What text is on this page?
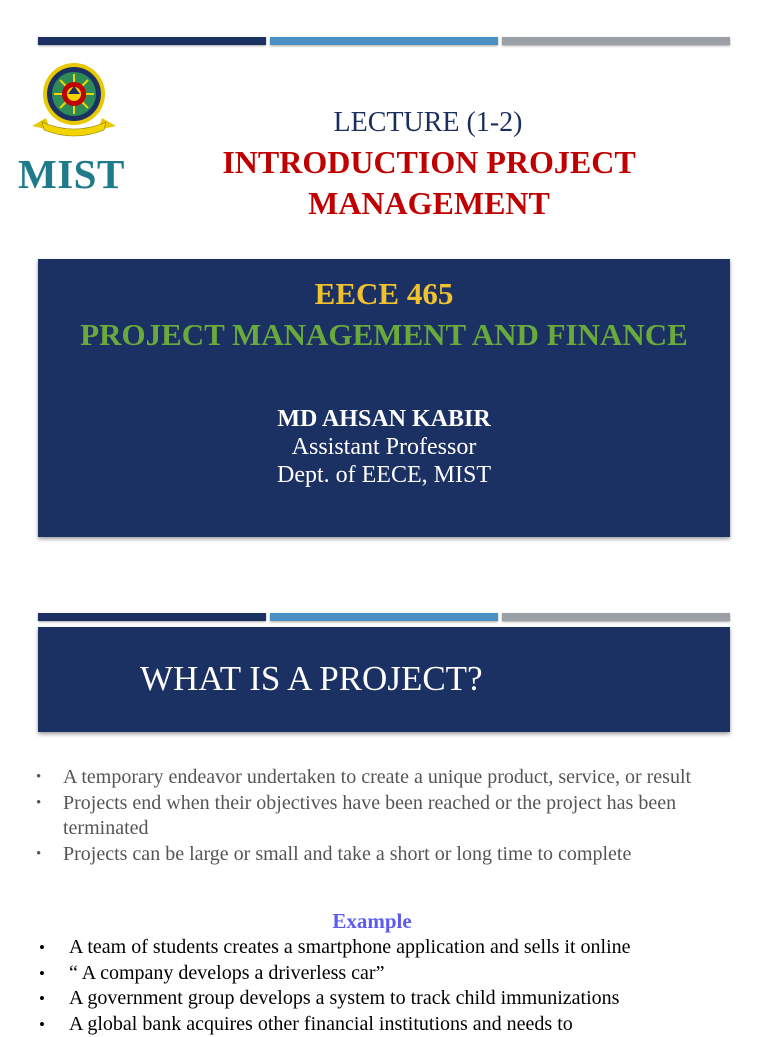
MIST
LECTURE (1-2)
INTRODUCTION PROJECT MANAGEMENT
EECE 465
PROJECT MANAGEMENT AND FINANCE
MD AHSAN KABIR
Assistant Professor
Dept. of EECE, MIST
WHAT IS A PROJECT?
• A temporary endeavor undertaken to create a unique product, service, or result
• Projects end when their objectives have been reached or the project has been terminated
• Projects can be large or small and take a short or long time to complete
Example
• A team of students creates a smartphone application and sells it online
• “ A company develops a driverless car”
• A government group develops a system to track child immunizations
• A global bank acquires other financial institutions and needs to
